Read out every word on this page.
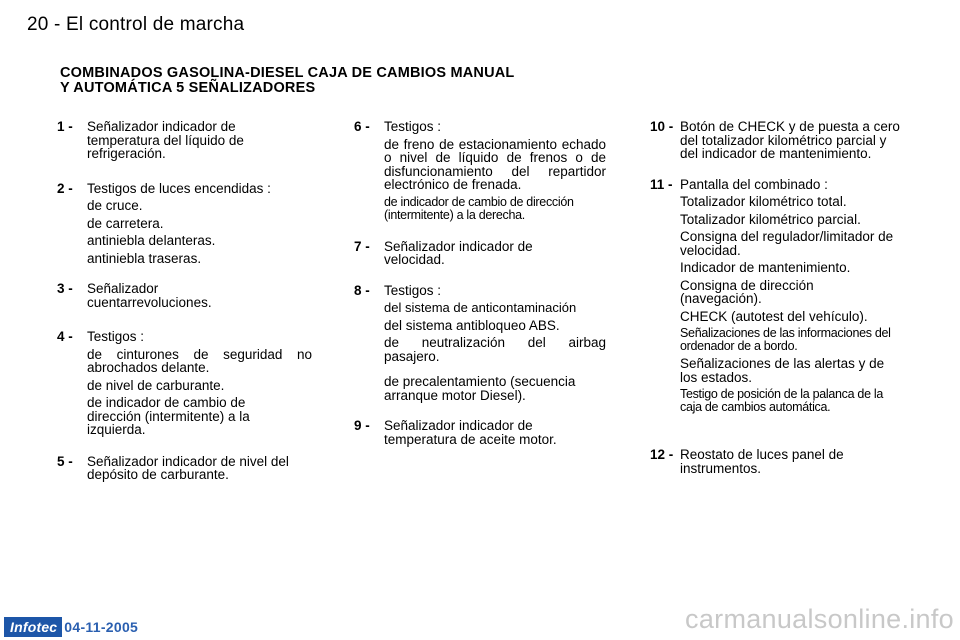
20 - El control de marcha
COMBINADOS GASOLINA-DIESEL CAJA DE CAMBIOS MANUAL
Y AUTOMÁTICA 5 SEÑALIZADORES
1 - Señalizador indicador de temperatura del líquido de refrigeración.
2 - Testigos de luces encendidas :
de cruce.
de carretera.
antiniebla delanteras.
antiniebla traseras.
3 - Señalizador cuentarrevoluciones.
4 - Testigos :
de cinturones de seguridad no abrochados delante.
de nivel de carburante.
de indicador de cambio de dirección (intermitente) a la izquierda.
5 - Señalizador indicador de nivel del depósito de carburante.
6 - Testigos :
de freno de estacionamiento echado o nivel de líquido de frenos o de disfuncionamiento del repartidor electrónico de frenada.
de indicador de cambio de dirección (intermitente) a la derecha.
7 - Señalizador indicador de velocidad.
8 - Testigos :
del sistema de anticontaminación
del sistema antibloqueo ABS.
de neutralización del airbag pasajero.
de precalentamiento (secuencia arranque motor Diesel).
9 - Señalizador indicador de temperatura de aceite motor.
10 - Botón de CHECK y de puesta a cero del totalizador kilométrico parcial y del indicador de mantenimiento.
11 - Pantalla del combinado :
Totalizador kilométrico total.
Totalizador kilométrico parcial.
Consigna del regulador/limitador de velocidad.
Indicador de mantenimiento.
Consigna de dirección (navegación).
CHECK (autotest del vehículo).
Señalizaciones de las informaciones del ordenador de a bordo.
Señalizaciones de las alertas y de los estados.
Testigo de posición de la palanca de la caja de cambios automática.
12 - Reostato de luces panel de instrumentos.
Infotec 04-11-2005	carmanualsonline.info
